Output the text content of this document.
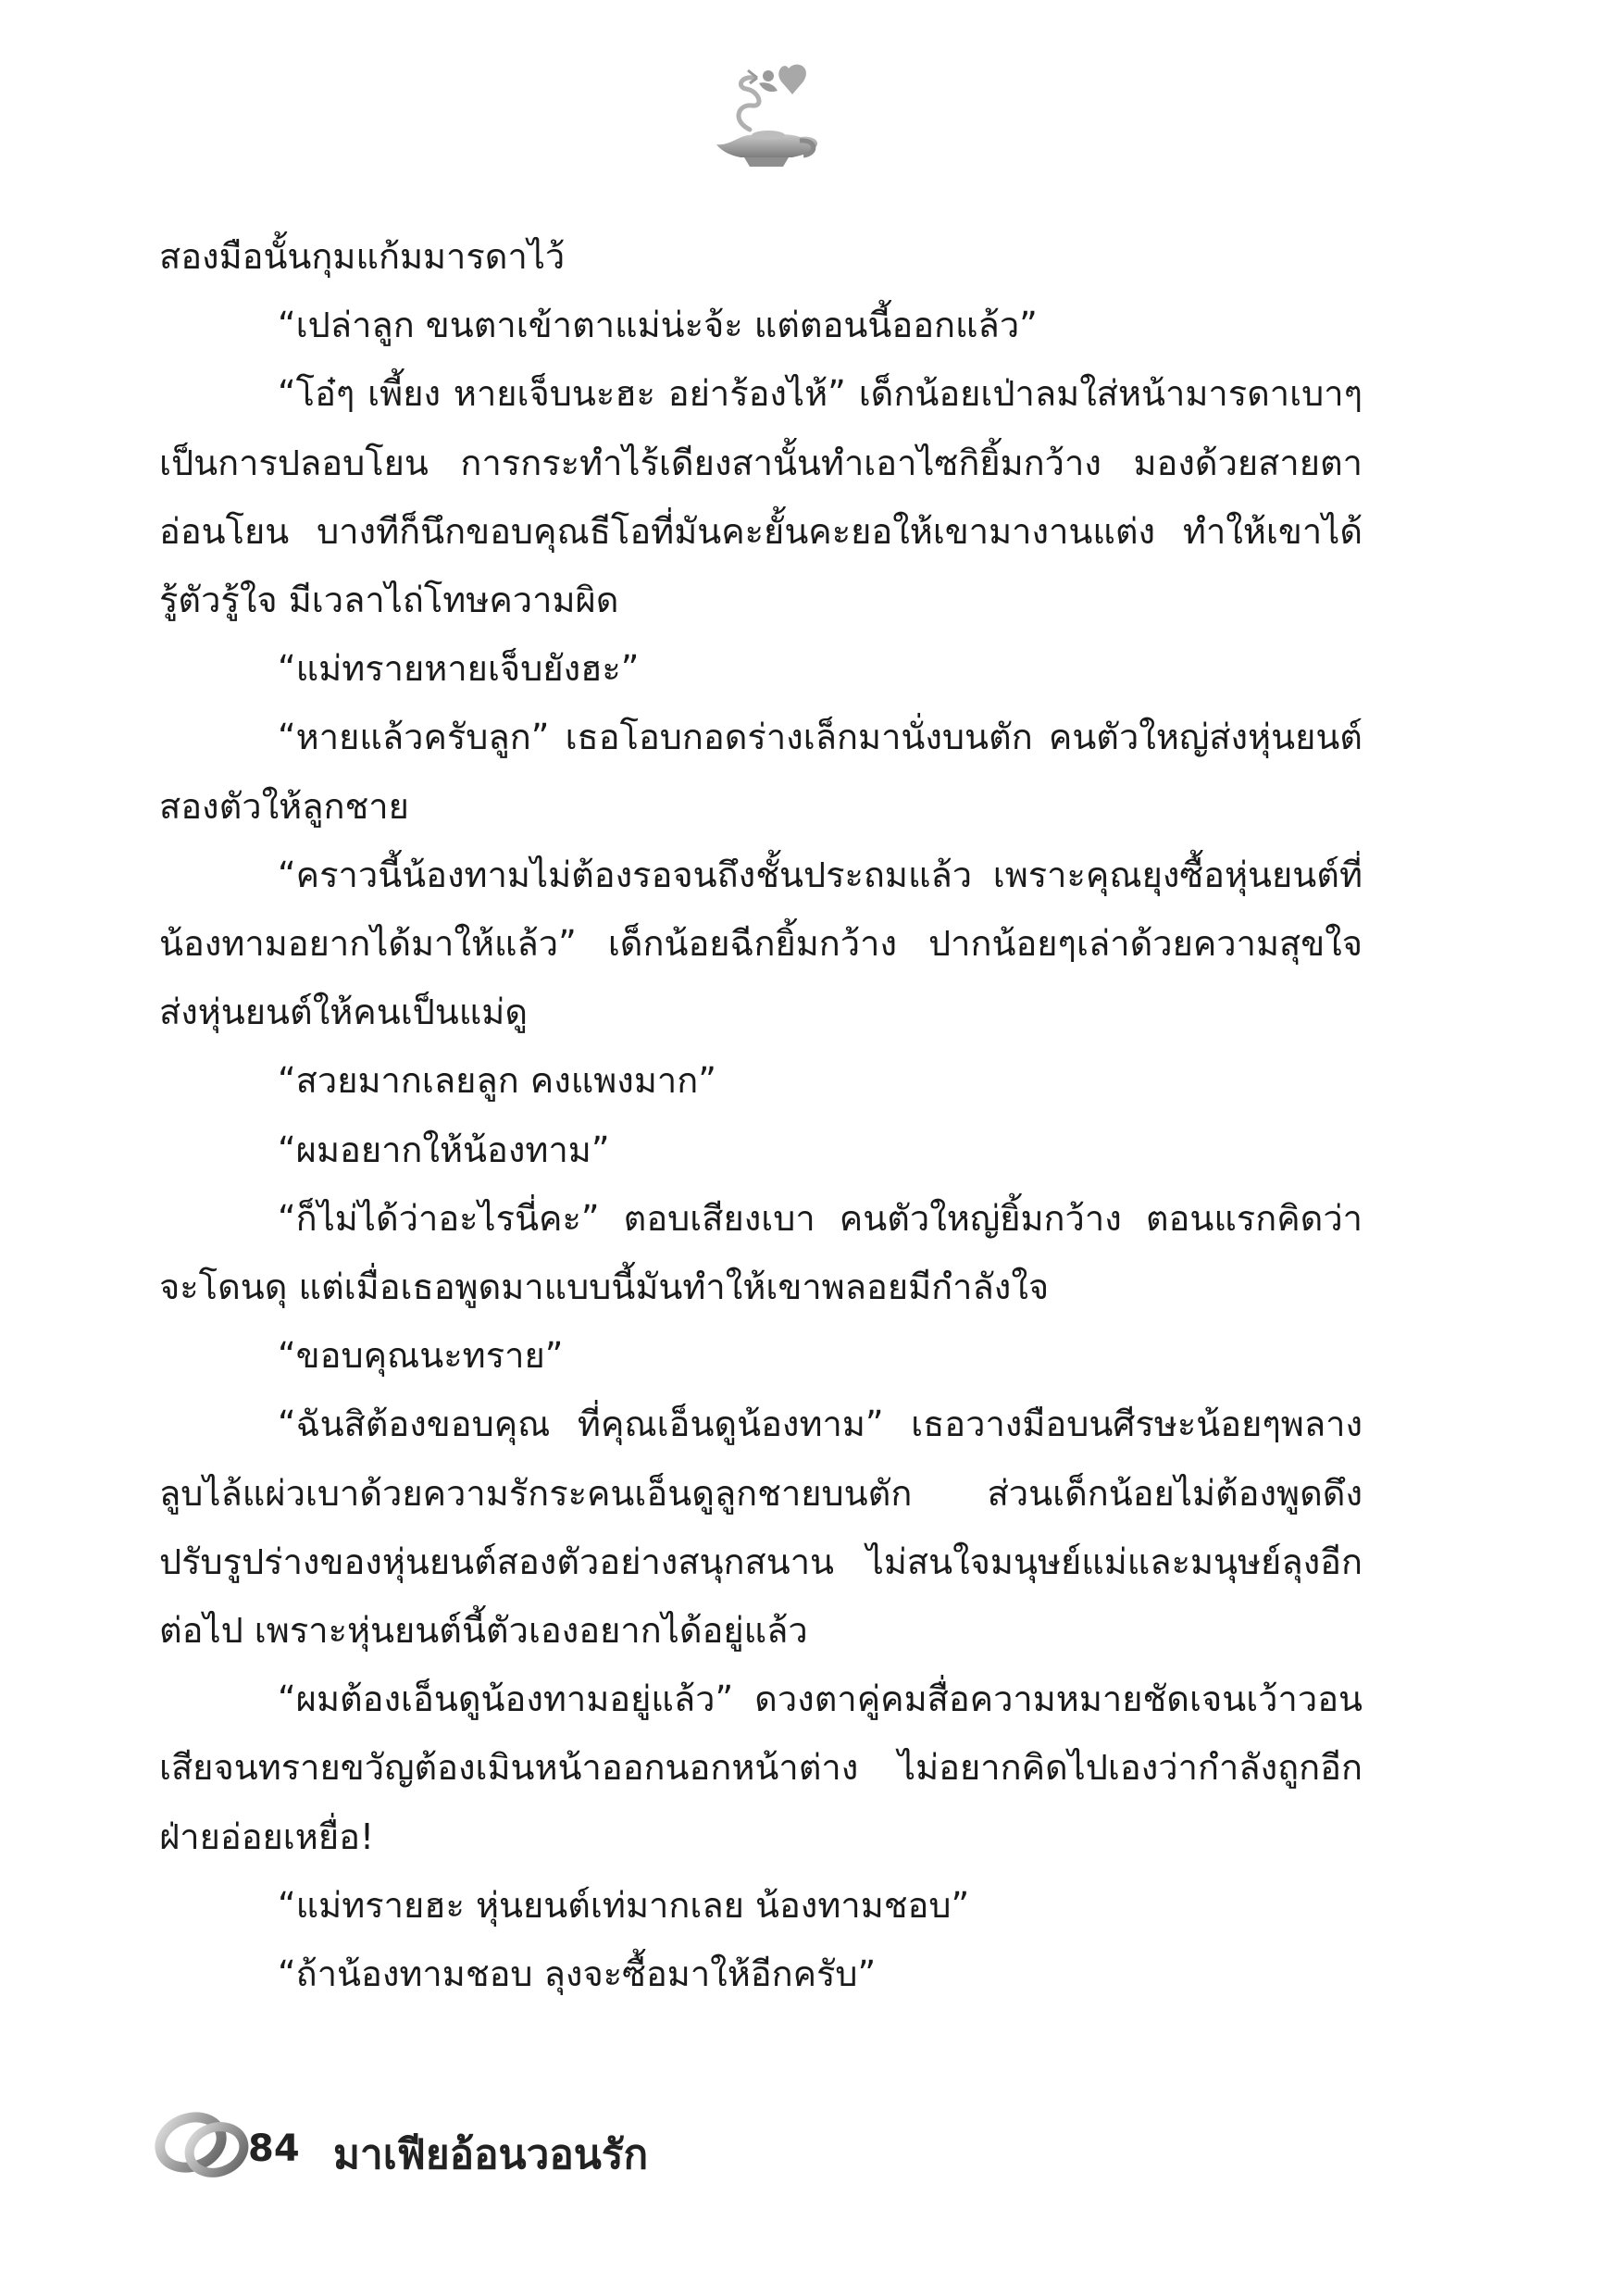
สองมือนั้นกุมแก้มมารดาไว้

“เปล่าลูก ขนตาเข้าตาแม่น่ะจ้ะ แต่ตอนนี้ออกแล้ว”

“โอ๋ๆ เพี้ยง หายเจ็บนะฮะ อย่าร้องไห้” เด็กน้อยเป่าลมใส่หน้ามารดาเบาๆ เป็นการปลอบโยน การกระทำไร้เดียงสานั้นทำเอาไซกิยิ้มกว้าง มองด้วยสายตาอ่อนโยน บางทีก็นึกขอบคุณธีโอที่มันคะยั้นคะยอให้เขามางานแต่ง ทำให้เขาได้รู้ตัวรู้ใจ มีเวลาไถ่โทษความผิด

“แม่ทรายหายเจ็บยังฮะ”

“หายแล้วครับลูก” เธอโอบกอดร่างเล็กมานั่งบนตัก คนตัวใหญ่ส่งหุ่นยนต์สองตัวให้ลูกชาย

“คราวนี้น้องทามไม่ต้องรอจนถึงชั้นประถมแล้ว เพราะคุณยุงซื้อหุ่นยนต์ที่น้องทามอยากได้มาให้แล้ว” เด็กน้อยฉีกยิ้มกว้าง ปากน้อยๆเล่าด้วยความสุขใจ ส่งหุ่นยนต์ให้คนเป็นแม่ดู

“สวยมากเลยลูก คงแพงมาก”

“ผมอยากให้น้องทาม”

“ก็ไม่ได้ว่าอะไรนี่คะ” ตอบเสียงเบา คนตัวใหญ่ยิ้มกว้าง ตอนแรกคิดว่าจะโดนดุ แต่เมื่อเธอพูดมาแบบนี้มันทำให้เขาพลอยมีกำลังใจ

“ขอบคุณนะทราย”

“ฉันสิต้องขอบคุณ ที่คุณเอ็นดูน้องทาม” เธอวางมือบนศีรษะน้อยๆพลางลูบไล้แผ่วเบาด้วยความรักระคนเอ็นดูลูกชายบนตัก ส่วนเด็กน้อยไม่ต้องพูดดึง ปรับรูปร่างของหุ่นยนต์สองตัวอย่างสนุกสนาน ไม่สนใจมนุษย์แม่และมนุษย์ลุงอีกต่อไป เพราะหุ่นยนต์นี้ตัวเองอยากได้อยู่แล้ว

“ผมต้องเอ็นดูน้องทามอยู่แล้ว” ดวงตาคู่คมสื่อความหมายชัดเจนเว้าวอนเสียจนทรายขวัญต้องเมินหน้าออกนอกหน้าต่าง ไม่อยากคิดไปเองว่ากำลังถูกอีกฝ่ายอ่อยเหยื่อ!

“แม่ทรายฮะ หุ่นยนต์เท่มากเลย น้องทามชอบ”

“ถ้าน้องทามชอบ ลุงจะซื้อมาให้อีกครับ”

84 มาเฟียอ้อนวอนรัก
